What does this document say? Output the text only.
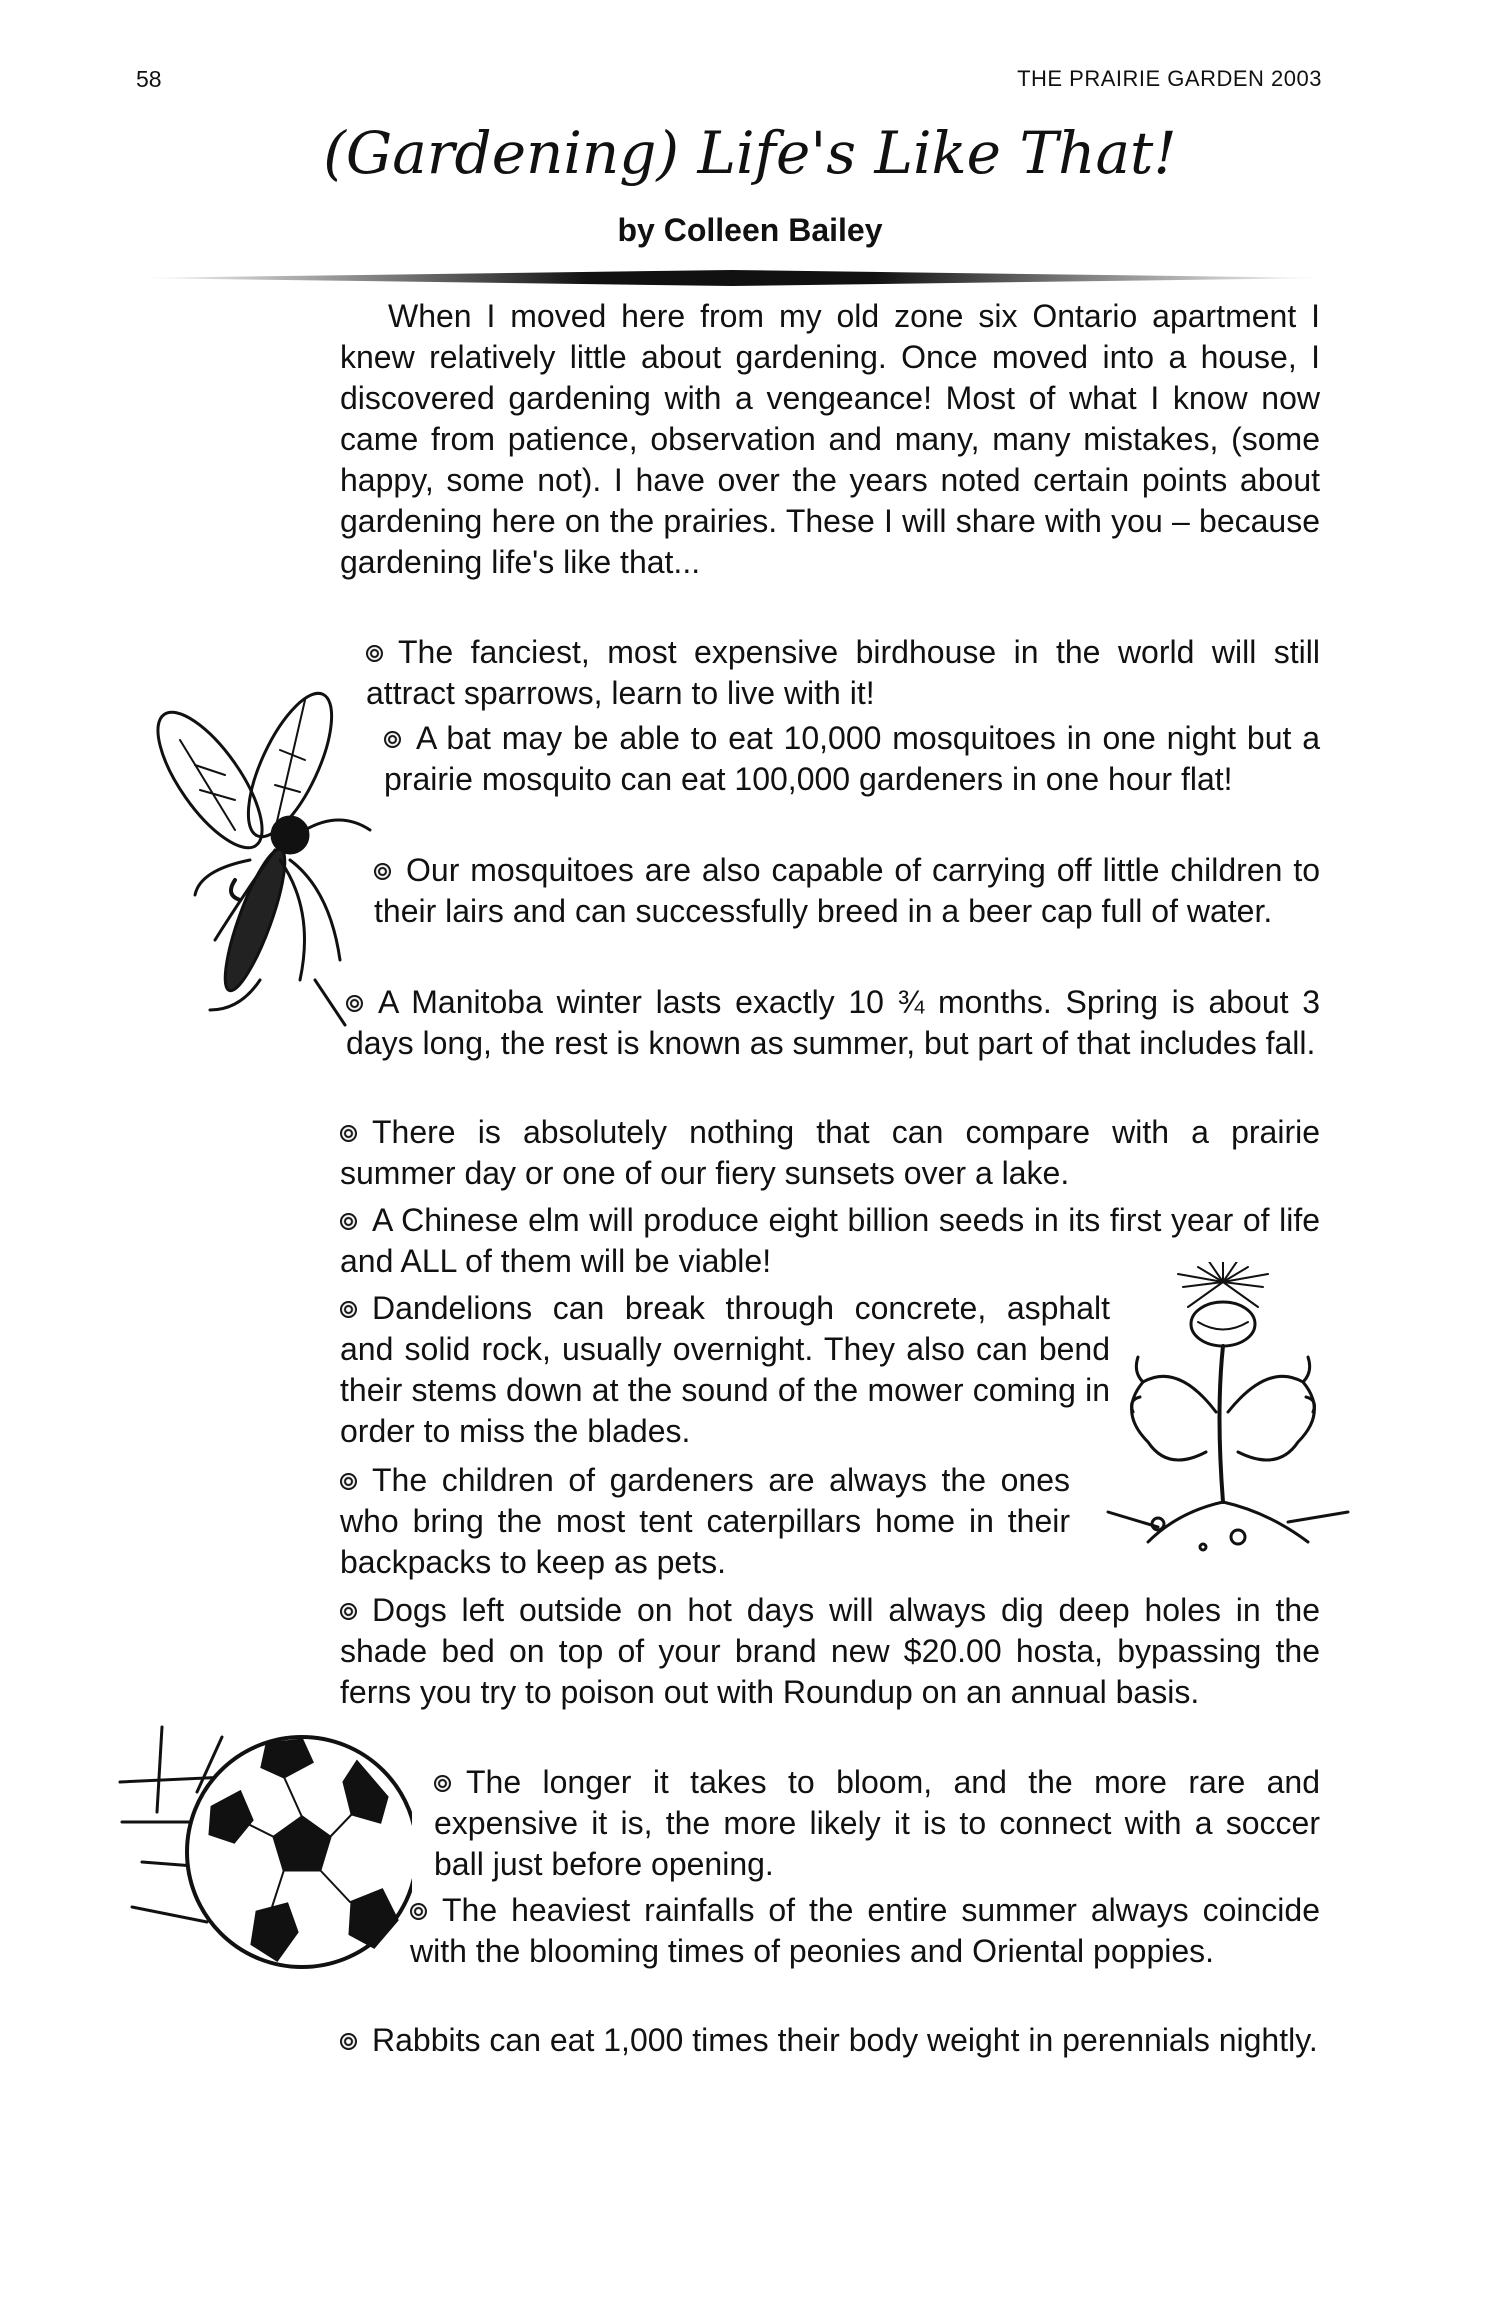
58	THE PRAIRIE GARDEN 2003
(Gardening) Life's Like That!
by Colleen Bailey
When I moved here from my old zone six Ontario apartment I knew relatively little about gardening. Once moved into a house, I discovered gardening with a vengeance! Most of what I know now came from patience, observation and many, many mistakes, (some happy, some not). I have over the years noted certain points about gardening here on the prairies. These I will share with you – because gardening life's like that...
The fanciest, most expensive birdhouse in the world will still attract sparrows, learn to live with it!
A bat may be able to eat 10,000 mosquitoes in one night but a prairie mosquito can eat 100,000 gardeners in one hour flat!
Our mosquitoes are also capable of carrying off little children to their lairs and can successfully breed in a beer cap full of water.
A Manitoba winter lasts exactly 10 ¾ months. Spring is about 3 days long, the rest is known as summer, but part of that includes fall.
There is absolutely nothing that can compare with a prairie summer day or one of our fiery sunsets over a lake.
A Chinese elm will produce eight billion seeds in its first year of life and ALL of them will be viable!
Dandelions can break through concrete, asphalt and solid rock, usually overnight. They also can bend their stems down at the sound of the mower coming in order to miss the blades.
The children of gardeners are always the ones who bring the most tent caterpillars home in their backpacks to keep as pets.
Dogs left outside on hot days will always dig deep holes in the shade bed on top of your brand new $20.00 hosta, bypassing the ferns you try to poison out with Roundup on an annual basis.
The longer it takes to bloom, and the more rare and expensive it is, the more likely it is to connect with a soccer ball just before opening.
The heaviest rainfalls of the entire summer always coincide with the blooming times of peonies and Oriental poppies.
Rabbits can eat 1,000 times their body weight in perennials nightly.
